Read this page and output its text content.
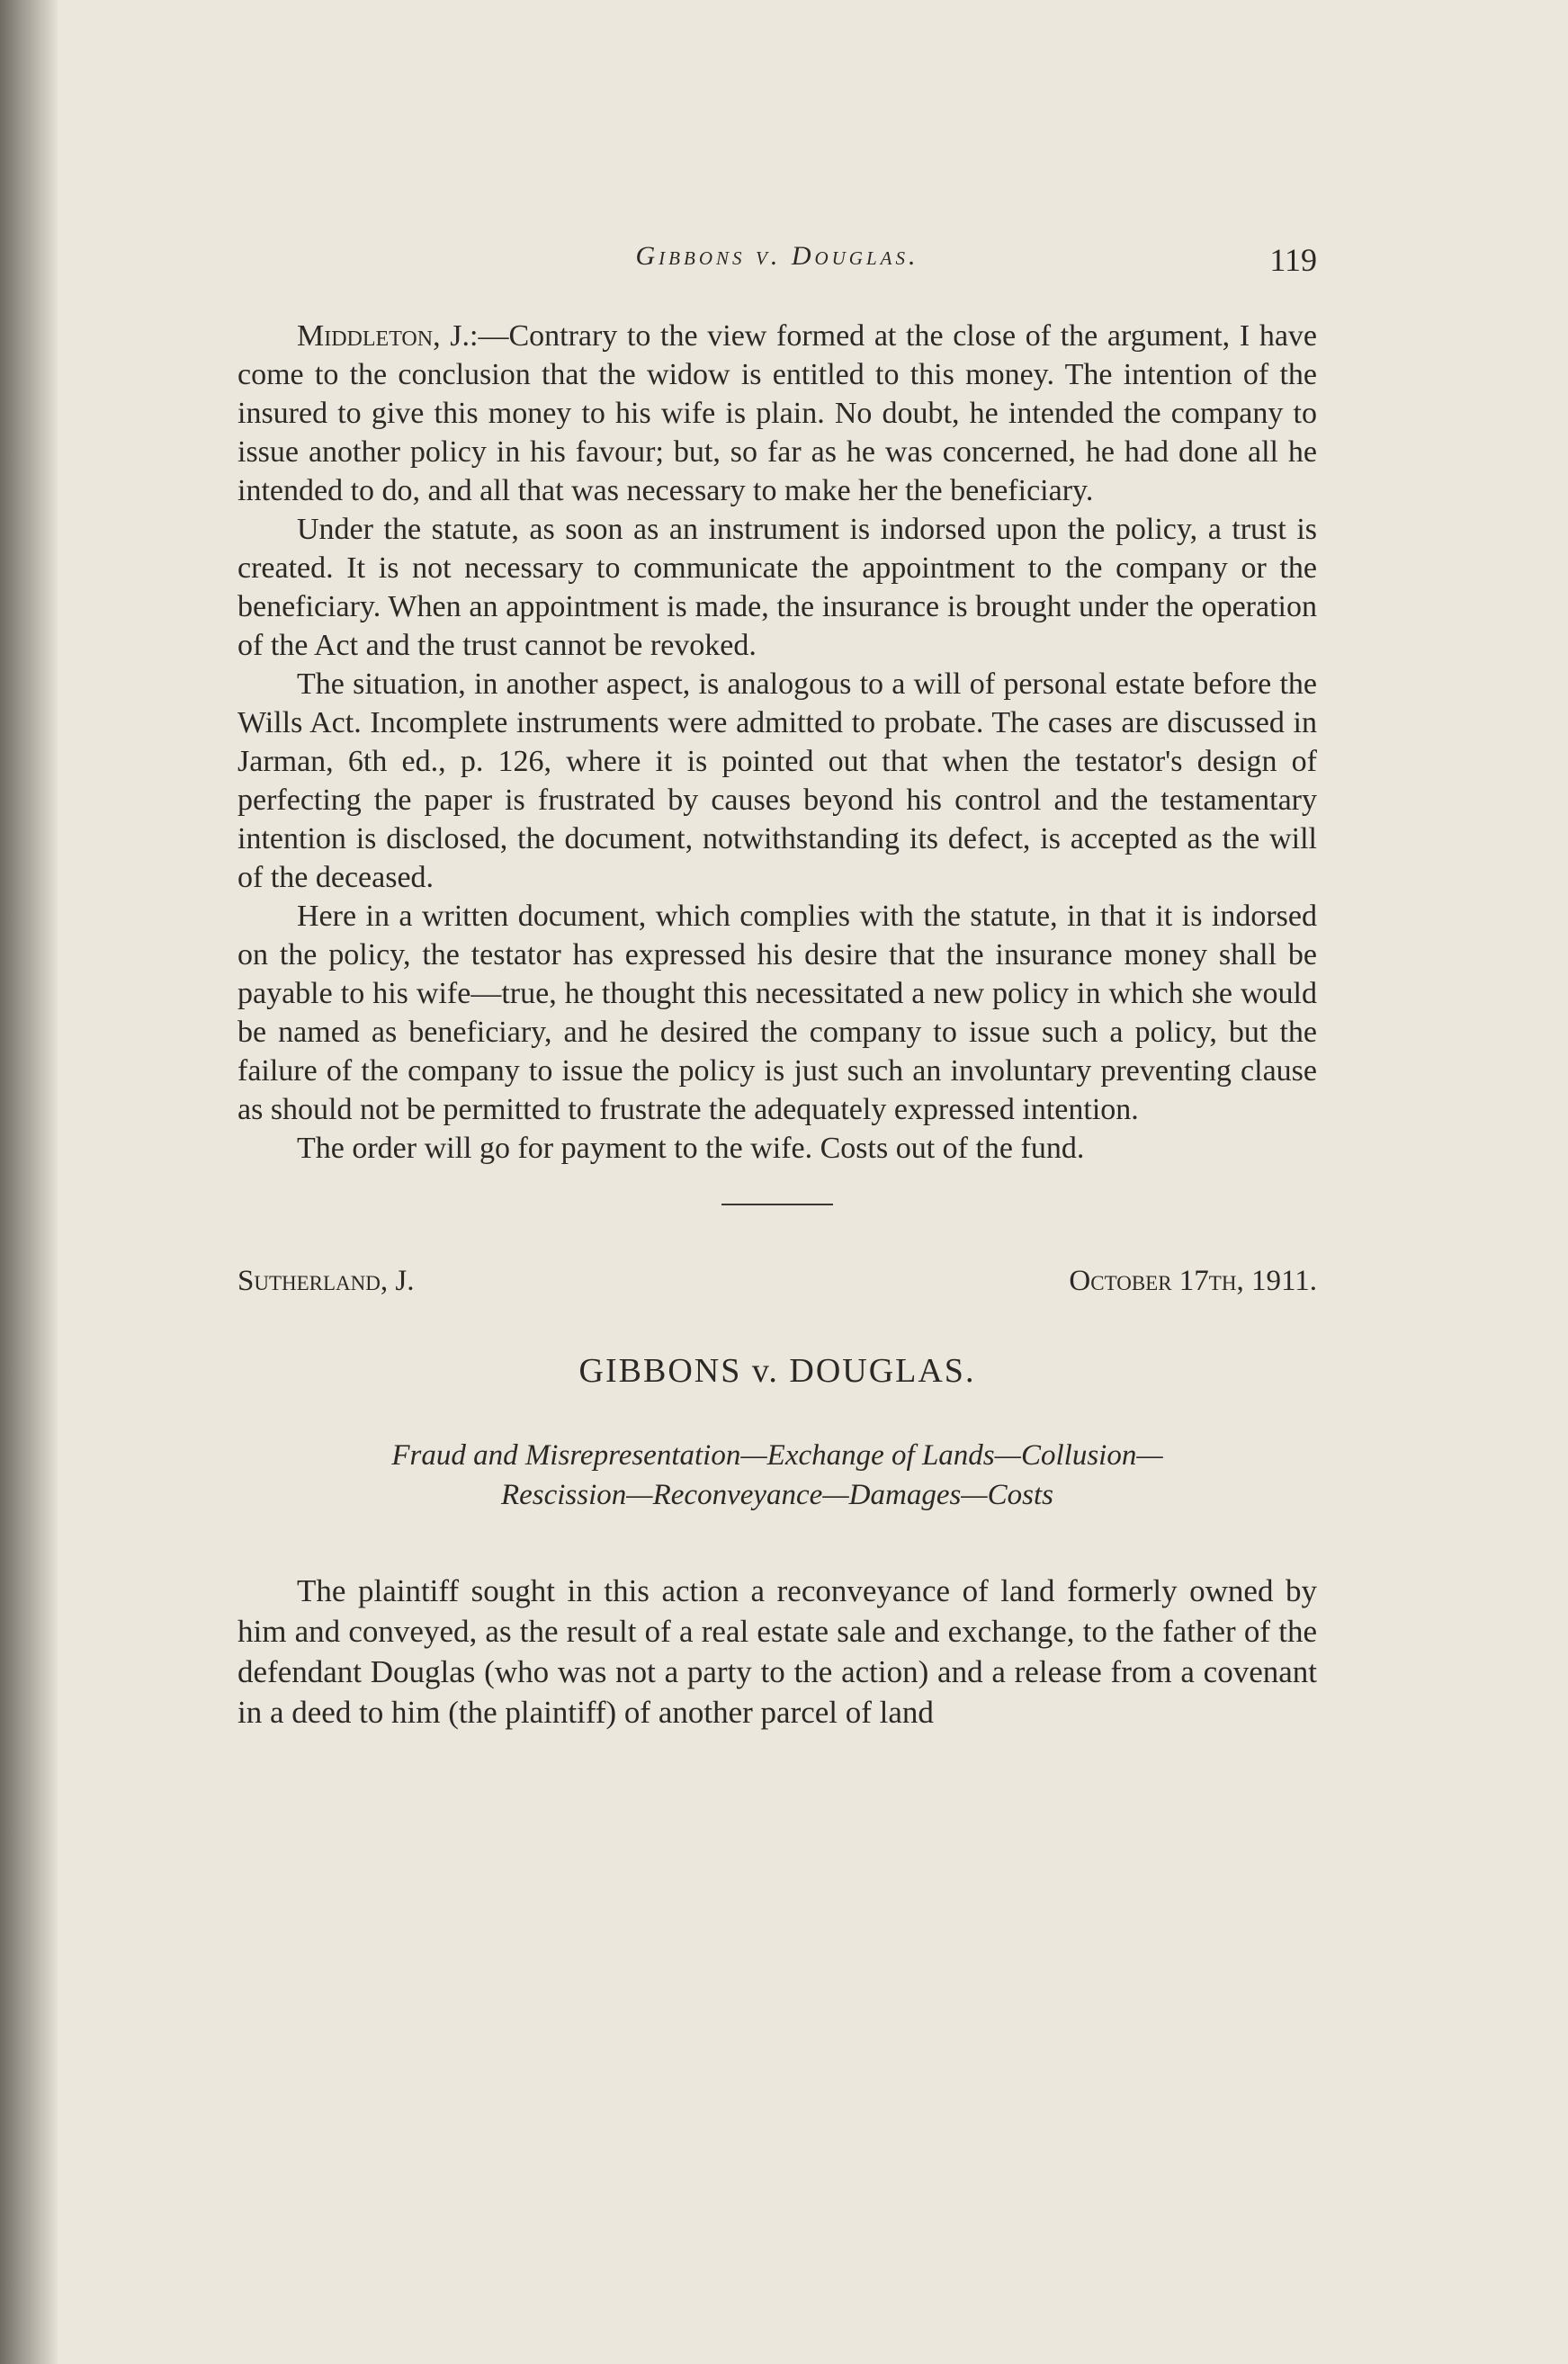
Gibbons v. Douglas.	119

Middleton, J.:—Contrary to the view formed at the close of the argument, I have come to the conclusion that the widow is entitled to this money. The intention of the insured to give this money to his wife is plain. No doubt, he intended the company to issue another policy in his favour; but, so far as he was concerned, he had done all he intended to do, and all that was necessary to make her the beneficiary.

Under the statute, as soon as an instrument is indorsed upon the policy, a trust is created. It is not necessary to communicate the appointment to the company or the beneficiary. When an appointment is made, the insurance is brought under the operation of the Act and the trust cannot be revoked.

The situation, in another aspect, is analogous to a will of personal estate before the Wills Act. Incomplete instruments were admitted to probate. The cases are discussed in Jarman, 6th ed., p. 126, where it is pointed out that when the testator's design of perfecting the paper is frustrated by causes beyond his control and the testamentary intention is disclosed, the document, notwithstanding its defect, is accepted as the will of the deceased.

Here in a written document, which complies with the statute, in that it is indorsed on the policy, the testator has expressed his desire that the insurance money shall be payable to his wife—true, he thought this necessitated a new policy in which she would be named as beneficiary, and he desired the company to issue such a policy, but the failure of the company to issue the policy is just such an involuntary preventing clause as should not be permitted to frustrate the adequately expressed intention.

The order will go for payment to the wife. Costs out of the fund.

Sutherland, J.	October 17th, 1911.
GIBBONS v. DOUGLAS.
Fraud and Misrepresentation—Exchange of Lands—Collusion—
Rescission—Reconveyance—Damages—Costs

The plaintiff sought in this action a reconveyance of land formerly owned by him and conveyed, as the result of a real estate sale and exchange, to the father of the defendant Douglas (who was not a party to the action) and a release from a covenant in a deed to him (the plaintiff) of another parcel of land
